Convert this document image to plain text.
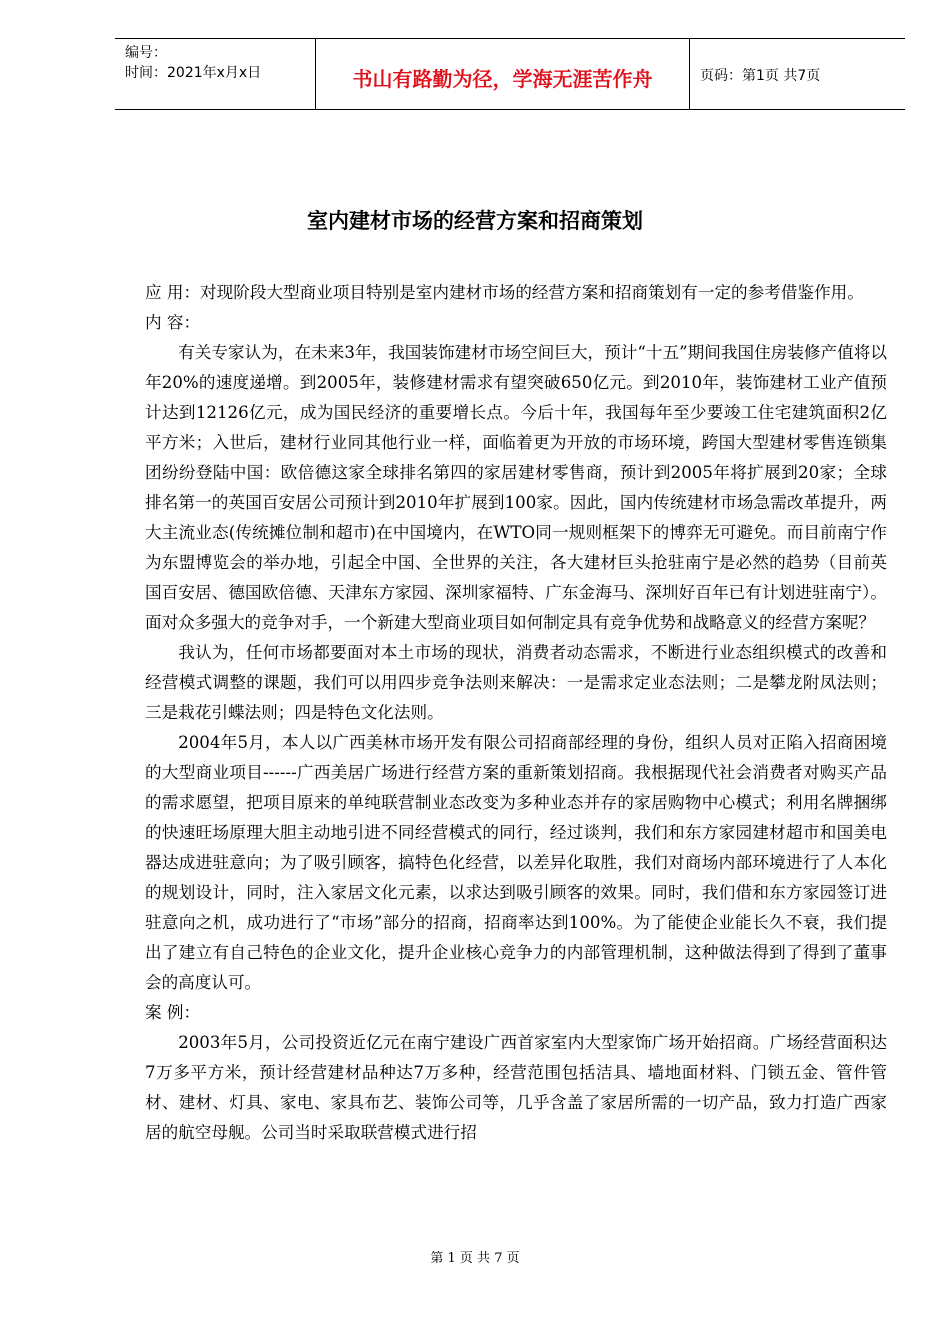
编号：
时间：2021年x月x日	书山有路勤为径，学海无涯苦作舟	页码：第1页 共7页
室内建材市场的经营方案和招商策划

应 用：对现阶段大型商业项目特别是室内建材市场的经营方案和招商策划有一定的参考借鉴作用。

内 容：

有关专家认为，在未来3年，我国装饰建材市场空间巨大，预计“十五”期间我国住房装修产值将以年20%的速度递增。到2005年，装修建材需求有望突破650亿元。到2010年，装饰建材工业产值预计达到12126亿元，成为国民经济的重要增长点。今后十年，我国每年至少要竣工住宅建筑面积2亿平方米；入世后，建材行业同其他行业一样，面临着更为开放的市场环境，跨国大型建材零售连锁集团纷纷登陆中国：欧倍德这家全球排名第四的家居建材零售商，预计到2005年将扩展到20家；全球排名第一的英国百安居公司预计到2010年扩展到100家。因此，国内传统建材市场急需改革提升，两大主流业态(传统摊位制和超市)在中国境内，在WTO同一规则框架下的博弈无可避免。而目前南宁作为东盟博览会的举办地，引起全中国、全世界的关注，各大建材巨头抢驻南宁是必然的趋势（目前英国百安居、德国欧倍德、天津东方家园、深圳家福特、广东金海马、深圳好百年已有计划进驻南宁）。面对众多强大的竞争对手，一个新建大型商业项目如何制定具有竞争优势和战略意义的经营方案呢？

我认为，任何市场都要面对本土市场的现状，消费者动态需求，不断进行业态组织模式的改善和经营模式调整的课题，我们可以用四步竞争法则来解决：一是需求定业态法则；二是攀龙附凤法则；三是栽花引蝶法则；四是特色文化法则。

2004年5月，本人以广西美林市场开发有限公司招商部经理的身份，组织人员对正陷入招商困境的大型商业项目------广西美居广场进行经营方案的重新策划招商。我根据现代社会消费者对购买产品的需求愿望，把项目原来的单纯联营制业态改变为多种业态并存的家居购物中心模式；利用名牌捆绑的快速旺场原理大胆主动地引进不同经营模式的同行，经过谈判，我们和东方家园建材超市和国美电器达成进驻意向；为了吸引顾客，搞特色化经营，以差异化取胜，我们对商场内部环境进行了人本化的规划设计，同时，注入家居文化元素，以求达到吸引顾客的效果。同时，我们借和东方家园签订进驻意向之机，成功进行了“市场”部分的招商，招商率达到100%。为了能使企业能长久不衰，我们提出了建立有自己特色的企业文化，提升企业核心竞争力的内部管理机制，这种做法得到了得到了董事会的高度认可。

案 例：

2003年5月，公司投资近亿元在南宁建设广西首家室内大型家饰广场开始招商。广场经营面积达7万多平方米，预计经营建材品种达7万多种，经营范围包括洁具、墙地面材料、门锁五金、管件管材、建材、灯具、家电、家具布艺、装饰公司等，几乎含盖了家居所需的一切产品，致力打造广西家居的航空母舰。公司当时采取联营模式进行招

第 1 页 共 7 页
